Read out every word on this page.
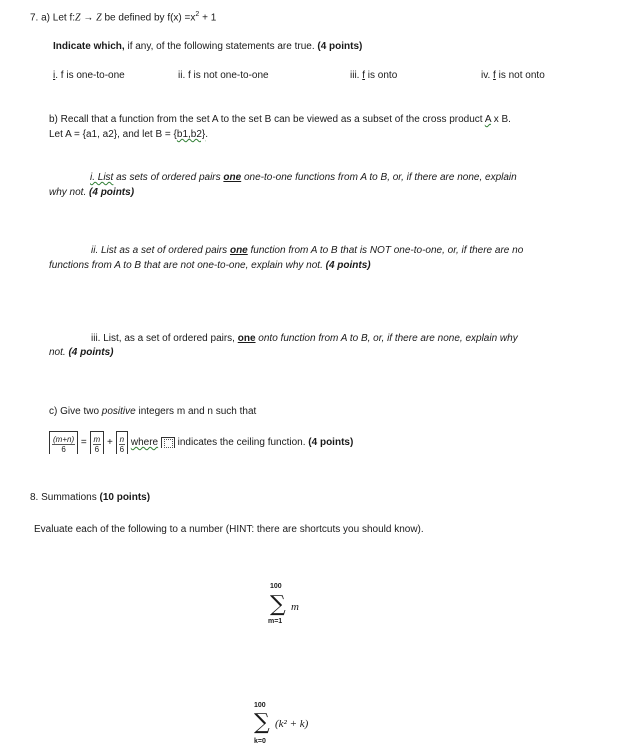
7. a) Let f:Z → Z be defined by $f(x) =x^2 + 1$
Indicate which, if any, of the following statements are true. (4 points)
i. f is one-to-one	ii. f is not one-to-one	iii. f is onto	iv. f is not onto
b) Recall that a function from the set A to the set B can be viewed as a subset of the cross product A x B.
Let A = {a1, a2}, and let B = {b1,b2}.
i. List as sets of ordered pairs one one-to-one functions from A to B, or, if there are none, explain
why not. (4 points)
ii. List as a set of ordered pairs one function from A to B that is NOT one-to-one, or, if there are no
functions from A to B that are not one-to-one, explain why not. (4 points)
iii. List, as a set of ordered pairs, one onto function from A to B, or, if there are none, explain why
not. (4 points)
c) Give two positive integers m and n such that
$\frac{(m+n)}{6} = \frac{m}{6} + \frac{n}{6}$ where
indicates the ceiling function. (4 points)
8. Summations (10 points)
Evaluate each of the following to a number (HINT: there are shortcuts you should know).
100
∑ m
m=1
100
∑ (k² + k)
k=0
